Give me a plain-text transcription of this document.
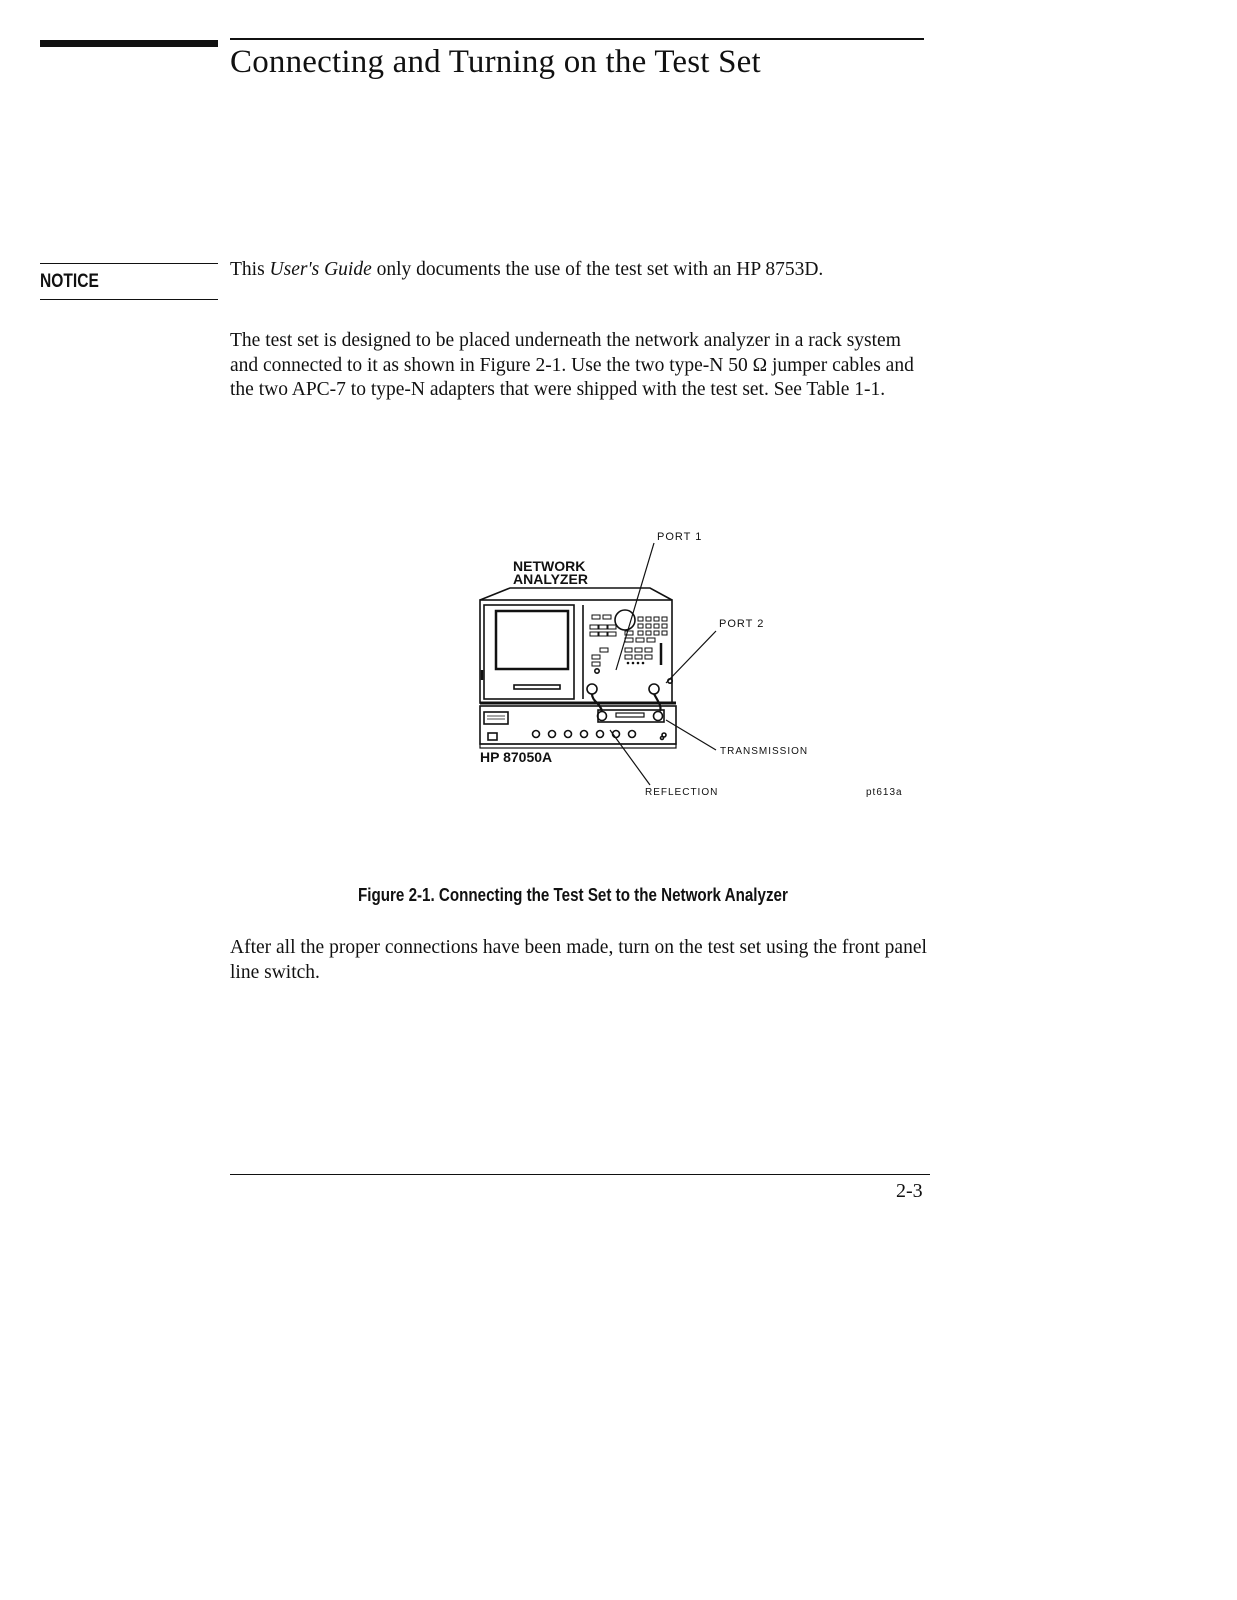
Connecting and Turning on the Test Set
NOTICE
This User's Guide only documents the use of the test set with an HP 8753D.
The test set is designed to be placed underneath the network analyzer in a rack system and connected to it as shown in Figure 2-1. Use the two type-N 50 Ω jumper cables and the two APC-7 to type-N adapters that were shipped with the test set. See Table 1-1.
NETWORK
ANALYZER
PORT 1
PORT 2
TRANSMISSION
REFLECTION
HP 87050A
pt613a
Figure 2-1. Connecting the Test Set to the Network Analyzer
After all the proper connections have been made, turn on the test set using the front panel line switch.
2-3
